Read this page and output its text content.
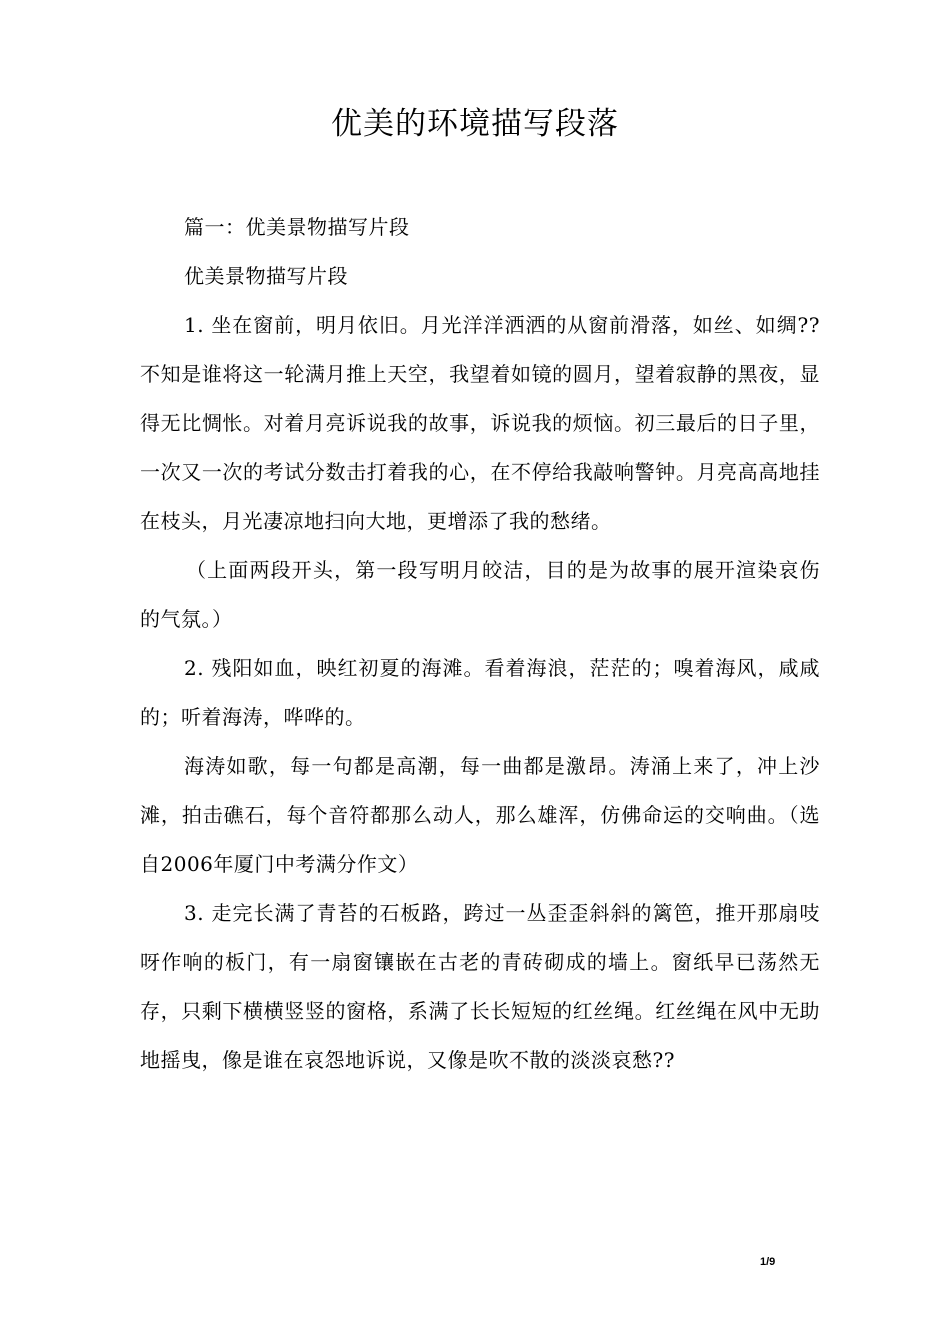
优美的环境描写段落

篇一：优美景物描写片段

优美景物描写片段

1. 坐在窗前，明月依旧。月光洋洋洒洒的从窗前滑落，如丝、如绸??不知是谁将这一轮满月推上天空，我望着如镜的圆月，望着寂静的黑夜，显得无比惆怅。对着月亮诉说我的故事，诉说我的烦恼。初三最后的日子里，一次又一次的考试分数击打着我的心，在不停给我敲响警钟。月亮高高地挂在枝头，月光凄凉地扫向大地，更增添了我的愁绪。

（上面两段开头，第一段写明月皎洁，目的是为故事的展开渲染哀伤的气氛。）

2. 残阳如血，映红初夏的海滩。看着海浪，茫茫的；嗅着海风，咸咸的；听着海涛，哗哗的。

海涛如歌，每一句都是高潮，每一曲都是激昂。涛涌上来了，冲上沙滩，拍击礁石，每个音符都那么动人，那么雄浑，仿佛命运的交响曲。（选自2006年厦门中考满分作文）

3. 走完长满了青苔的石板路，跨过一丛歪歪斜斜的篱笆，推开那扇吱呀作响的板门，有一扇窗镶嵌在古老的青砖砌成的墙上。窗纸早已荡然无存，只剩下横横竖竖的窗格，系满了长长短短的红丝绳。红丝绳在风中无助地摇曳，像是谁在哀怨地诉说，又像是吹不散的淡淡哀愁??

1/9
